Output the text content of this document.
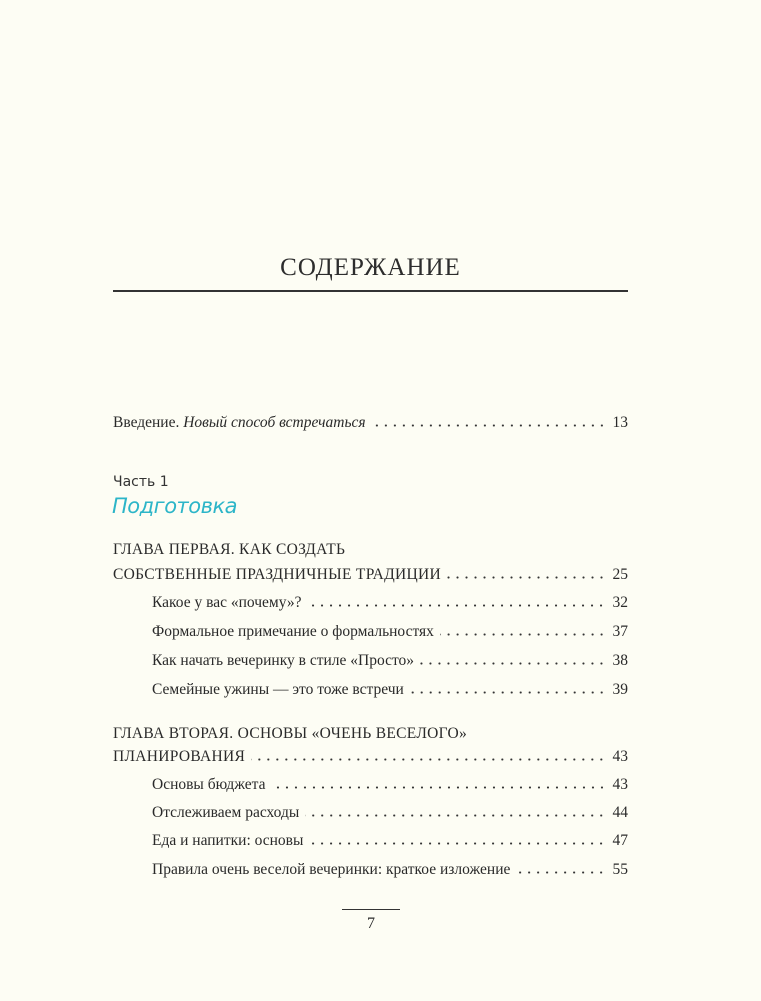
СОДЕРЖАНИЕ
Введение.
Новый способ встречаться	13
Часть 1
Подготовка
ГЛАВА ПЕРВАЯ. КАК СОЗДАТЬ
СОБСТВЕННЫЕ ПРАЗДНИЧНЫЕ ТРАДИЦИИ	25
Какое у вас «почему»?	32
Формальное примечание о формальностях	37
Как начать вечеринку в стиле «Просто»	38
Семейные ужины — это тоже встречи	39
ГЛАВА ВТОРАЯ. ОСНОВЫ «ОЧЕНЬ ВЕСЕЛОГО»
ПЛАНИРОВАНИЯ	43
Основы бюджета	43
Отслеживаем расходы	44
Еда и напитки: основы	47
Правила очень веселой вечеринки: краткое изложение	55
7
